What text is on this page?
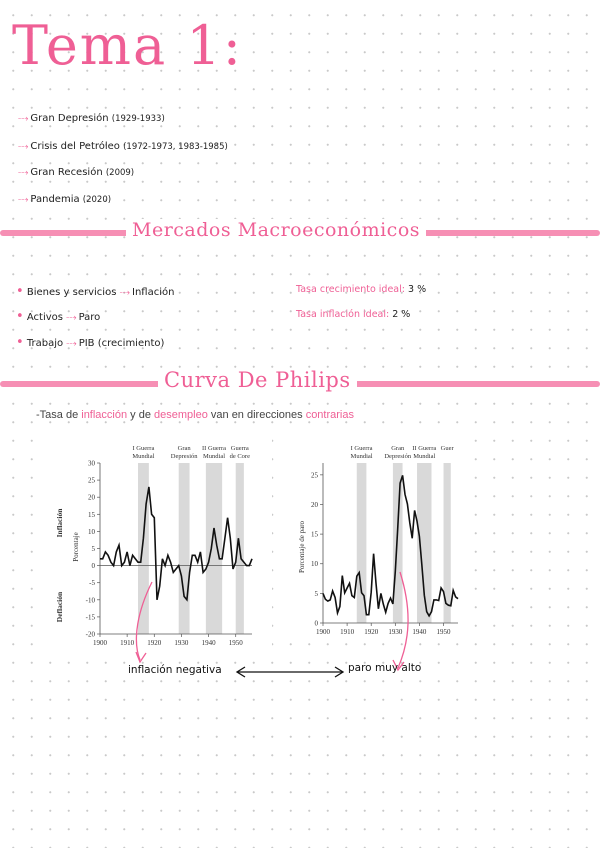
Tema 1:
⤏ Gran Depresión (1929-1933)
⤏ Crisis del Petróleo (1972-1973, 1983-1985)
⤏ Gran Recesión (2009)
⤏ Pandemia (2020)
Mercados Macroeconómicos
• Bienes y servicios ⤏ Inflación
• Activos ⤏ Paro
• Trabajo ⤏ PIB (crecimiento)
Tasa crecimiento ideal: 3 %
Tasa inflación ideal: 2 %
Curva De Philips
-Tasa de inflacción y de desempleo van en direcciones contrarias
-20
-15
-10
-5
0
5
10
15
20
25
30
1900 1910 1920 1930 1940 1950
I Guerra
Mundial
Gran
Depresión
II Guerra
Mundial
Guerra
de Core
Inflación
Deflación
Porcentaje
0
5
10
15
20
25
1900 1910 1920 1930 1940 1950
I Guerra
Mundial
Gran
Depresión
II Guerra
Mundial
Guer
Porcentaje de paro
inflación negativa	paro muy alto
